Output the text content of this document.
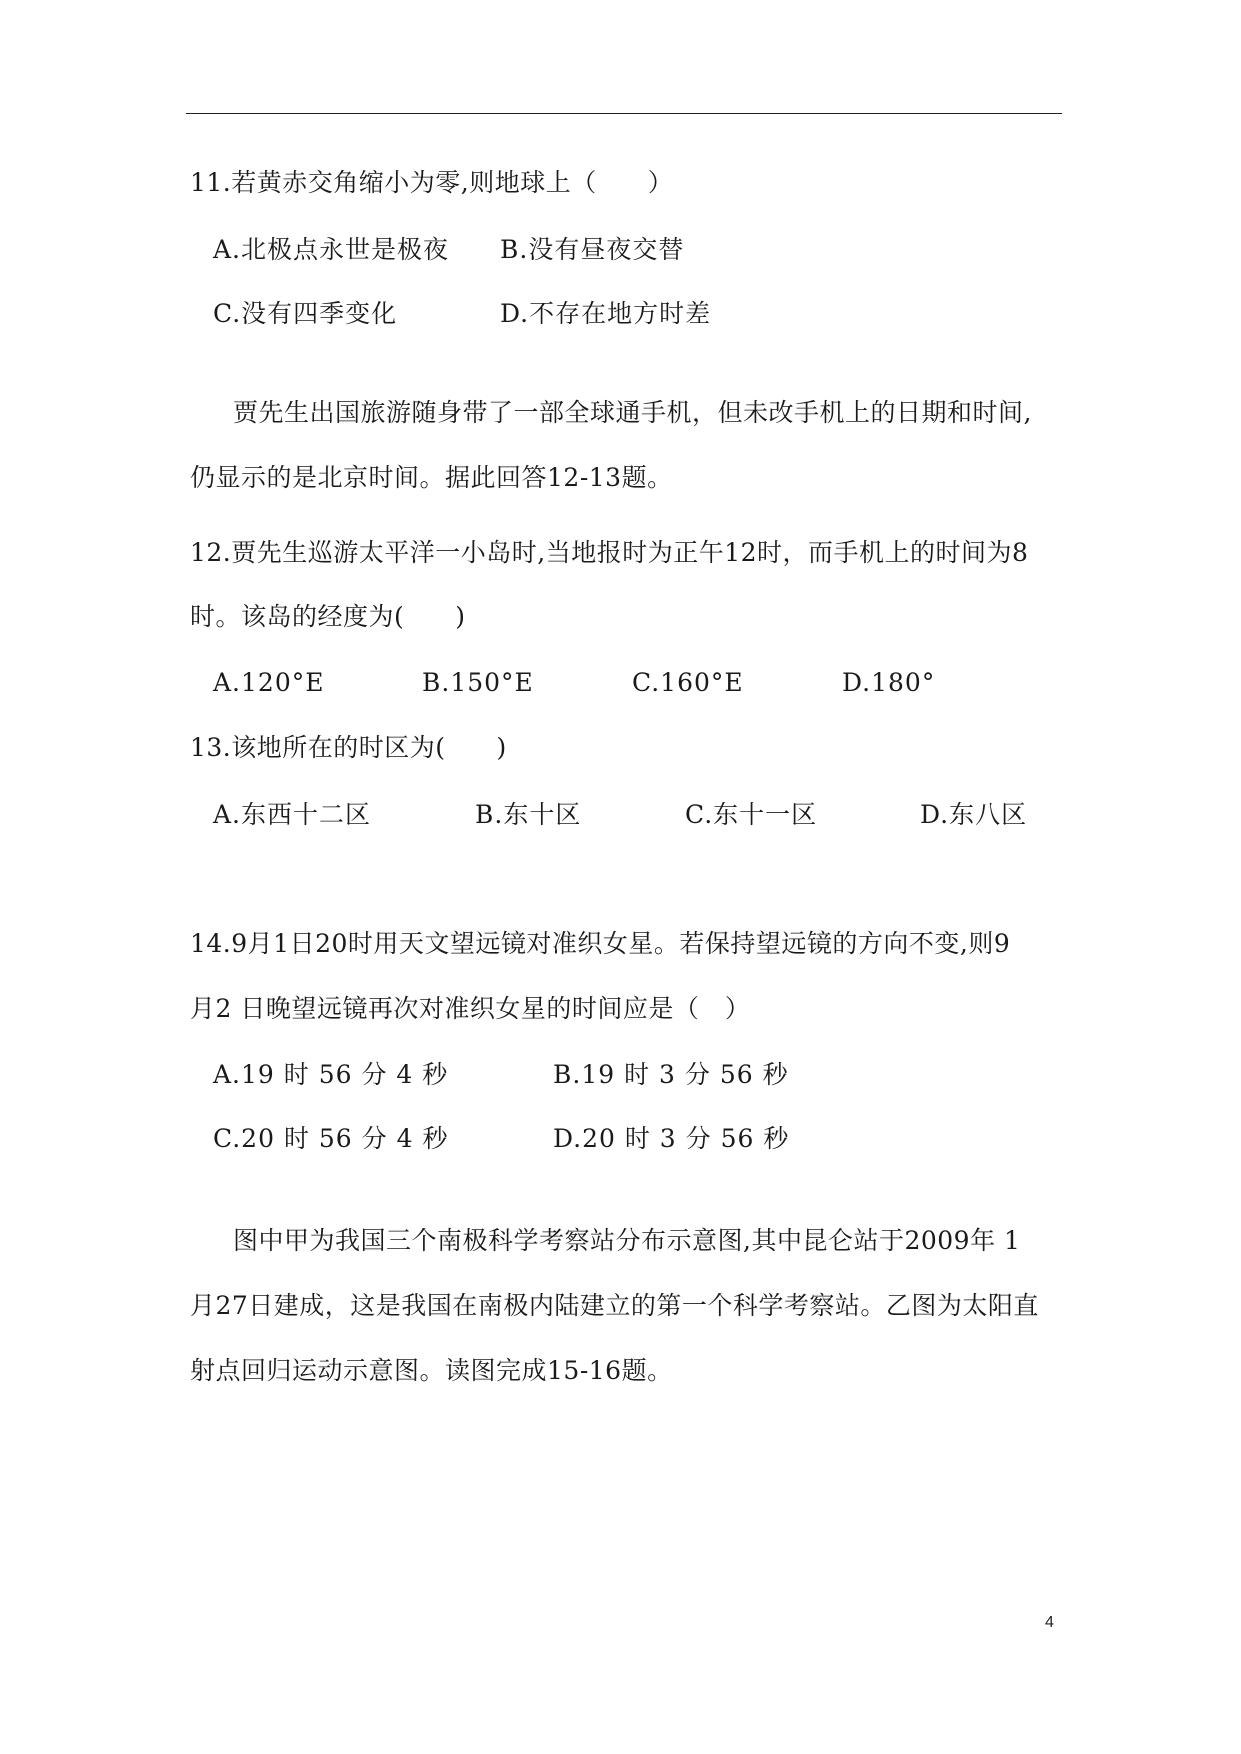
11.若黄赤交角缩小为零,则地球上（　　）
A.北极点永世是极夜 B.没有昼夜交替
C.没有四季变化	D.不存在地方时差
贾先生出国旅游随身带了一部全球通手机，但未改手机上的日期和时间,
仍显示的是北京时间。据此回答12-13题。
12.贾先生巡游太平洋一小岛时,当地报时为正午12时，而手机上的时间为8
时。该岛的经度为(　　)
A.120°E	B.150°E	C.160°E	D.180°
13.该地所在的时区为(　　)
A.东西十二区	B.东十区	C.东十一区	D.东八区
14.9月1日20时用天文望远镜对准织女星。若保持望远镜的方向不变,则9
月2 日晚望远镜再次对准织女星的时间应是（　）
A.19 时 56 分 4 秒	B.19 时 3 分 56 秒
C.20 时 56 分 4 秒	D.20 时 3 分 56 秒
图中甲为我国三个南极科学考察站分布示意图,其中昆仑站于2009年 1
月27日建成，这是我国在南极内陆建立的第一个科学考察站。乙图为太阳直
射点回归运动示意图。读图完成15-16题。
4
